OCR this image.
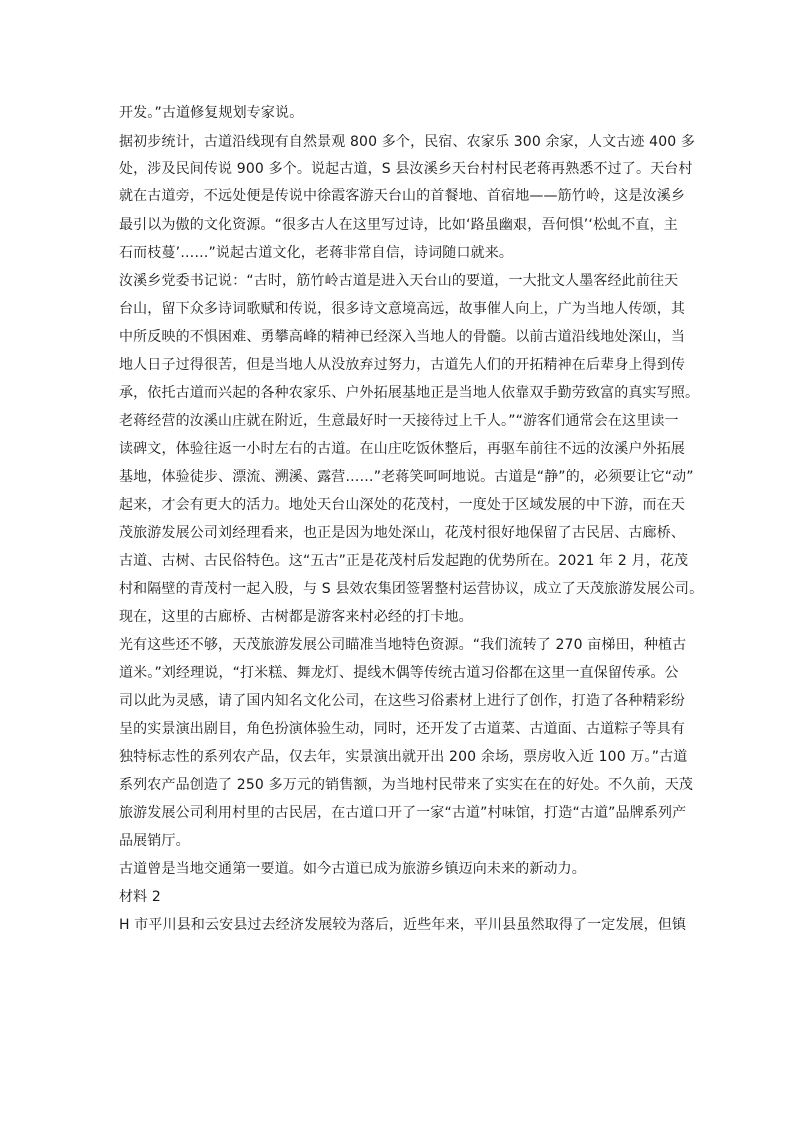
开发。”古道修复规划专家说。
据初步统计，古道沿线现有自然景观 800 多个，民宿、农家乐 300 余家，人文古迹 400 多
处，涉及民间传说 900 多个。说起古道，S 县汝溪乡天台村村民老蒋再熟悉不过了。天台村
就在古道旁，不远处便是传说中徐霞客游天台山的首餐地、首宿地——筋竹岭，这是汝溪乡
最引以为傲的文化资源。“很多古人在这里写过诗，比如‘路虽幽艰，吾何惧’‘松虬不直，主
石而枝蔓’……”说起古道文化，老蒋非常自信，诗词随口就来。
汝溪乡党委书记说：“古时，筋竹岭古道是进入天台山的要道，一大批文人墨客经此前往天
台山，留下众多诗词歌赋和传说，很多诗文意境高远，故事催人向上，广为当地人传颂，其
中所反映的不惧困难、勇攀高峰的精神已经深入当地人的骨髓。以前古道沿线地处深山，当
地人日子过得很苦，但是当地人从没放弃过努力，古道先人们的开拓精神在后辈身上得到传
承，依托古道而兴起的各种农家乐、户外拓展基地正是当地人依靠双手勤劳致富的真实写照。
老蒋经营的汝溪山庄就在附近，生意最好时一天接待过上千人。”“游客们通常会在这里读一
读碑文，体验往返一小时左右的古道。在山庄吃饭休整后，再驱车前往不远的汝溪户外拓展
基地，体验徒步、漂流、溯溪、露营……”老蒋笑呵呵地说。古道是“静”的，必须要让它“动”
起来，才会有更大的活力。地处天台山深处的花茂村，一度处于区域发展的中下游，而在天
茂旅游发展公司刘经理看来，也正是因为地处深山，花茂村很好地保留了古民居、古廊桥、
古道、古树、古民俗特色。这“五古”正是花茂村后发起跑的优势所在。2021 年 2 月，花茂
村和隔壁的青茂村一起入股，与 S 县效农集团签署整村运营协议，成立了天茂旅游发展公司。
现在，这里的古廊桥、古树都是游客来村必经的打卡地。
光有这些还不够，天茂旅游发展公司瞄准当地特色资源。“我们流转了 270 亩梯田，种植古
道米。”刘经理说，“打米糕、舞龙灯、提线木偶等传统古道习俗都在这里一直保留传承。公
司以此为灵感，请了国内知名文化公司，在这些习俗素材上进行了创作，打造了各种精彩纷
呈的实景演出剧目，角色扮演体验生动，同时，还开发了古道菜、古道面、古道粽子等具有
独特标志性的系列农产品，仅去年，实景演出就开出 200 余场，票房收入近 100 万。”古道
系列农产品创造了 250 多万元的销售额，为当地村民带来了实实在在的好处。不久前，天茂
旅游发展公司利用村里的古民居，在古道口开了一家“古道”村味馆，打造“古道”品牌系列产
品展销厅。
古道曾是当地交通第一要道。如今古道已成为旅游乡镇迈向未来的新动力。
材料 2
H 市平川县和云安县过去经济发展较为落后，近些年来，平川县虽然取得了一定发展，但镇
